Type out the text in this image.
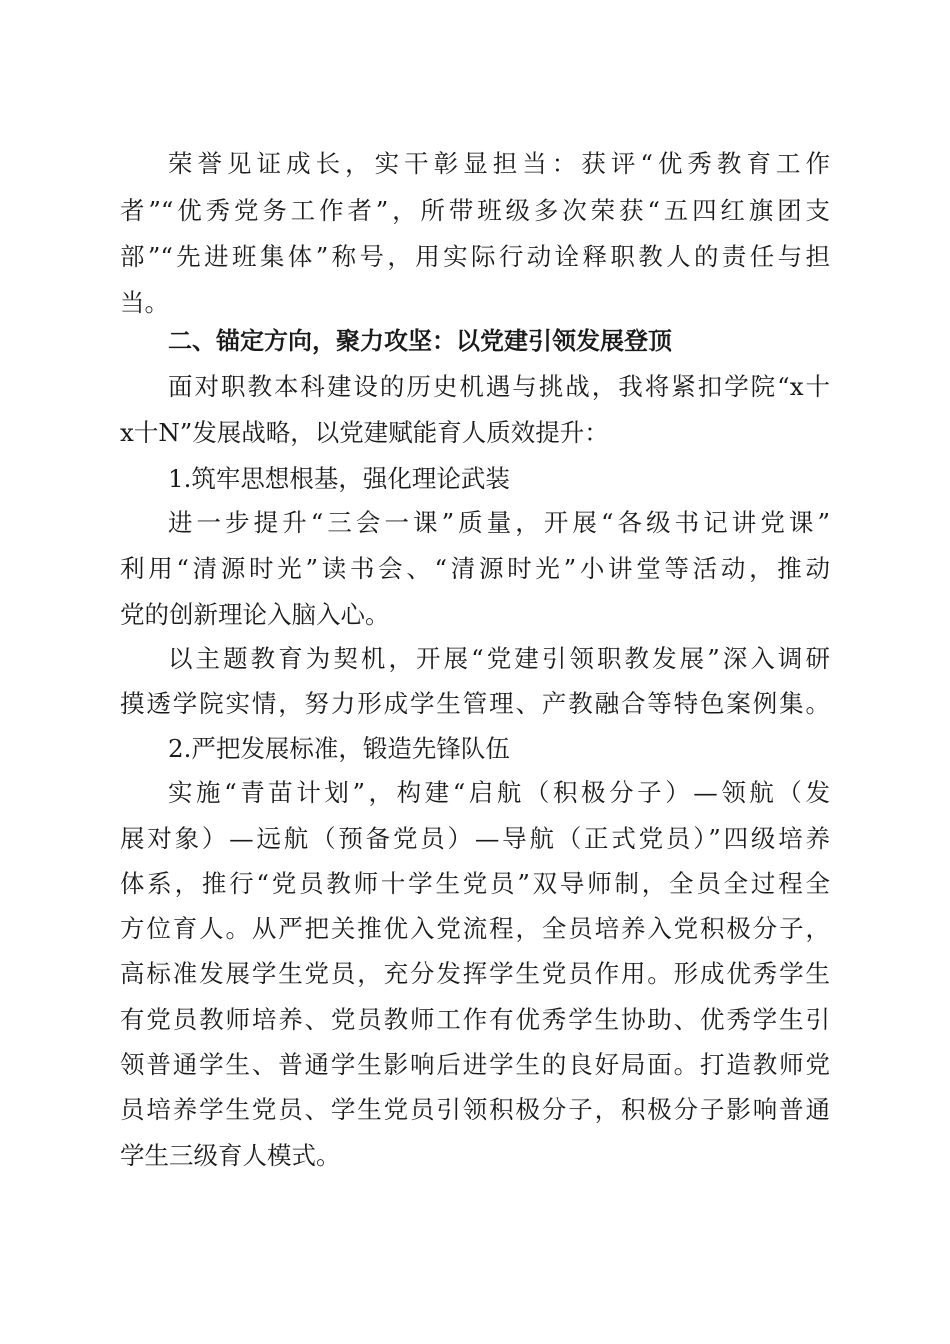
荣誉见证成长，实干彰显担当：获评“优秀教育工作

者”“优秀党务工作者”，所带班级多次荣获“五四红旗团支

部”“先进班集体”称号，用实际行动诠释职教人的责任与担

当。

二、锚定方向，聚力攻坚：以党建引领发展登顶

面对职教本科建设的历史机遇与挑战，我将紧扣学院“x十

x十N”发展战略，以党建赋能育人质效提升：

1.筑牢思想根基，强化理论武装

进一步提升“三会一课”质量，开展“各级书记讲党课”

利用“清源时光”读书会、“清源时光”小讲堂等活动，推动

党的创新理论入脑入心。

以主题教育为契机，开展“党建引领职教发展”深入调研

摸透学院实情，努力形成学生管理、产教融合等特色案例集。

2.严把发展标准，锻造先锋队伍

实施“青苗计划”，构建“启航（积极分子）—领航（发

展对象）—远航（预备党员）—导航（正式党员）”四级培养

体系，推行“党员教师十学生党员”双导师制，全员全过程全

方位育人。从严把关推优入党流程，全员培养入党积极分子，

高标准发展学生党员，充分发挥学生党员作用。形成优秀学生

有党员教师培养、党员教师工作有优秀学生协助、优秀学生引

领普通学生、普通学生影响后进学生的良好局面。打造教师党

员培养学生党员、学生党员引领积极分子，积极分子影响普通

学生三级育人模式。
